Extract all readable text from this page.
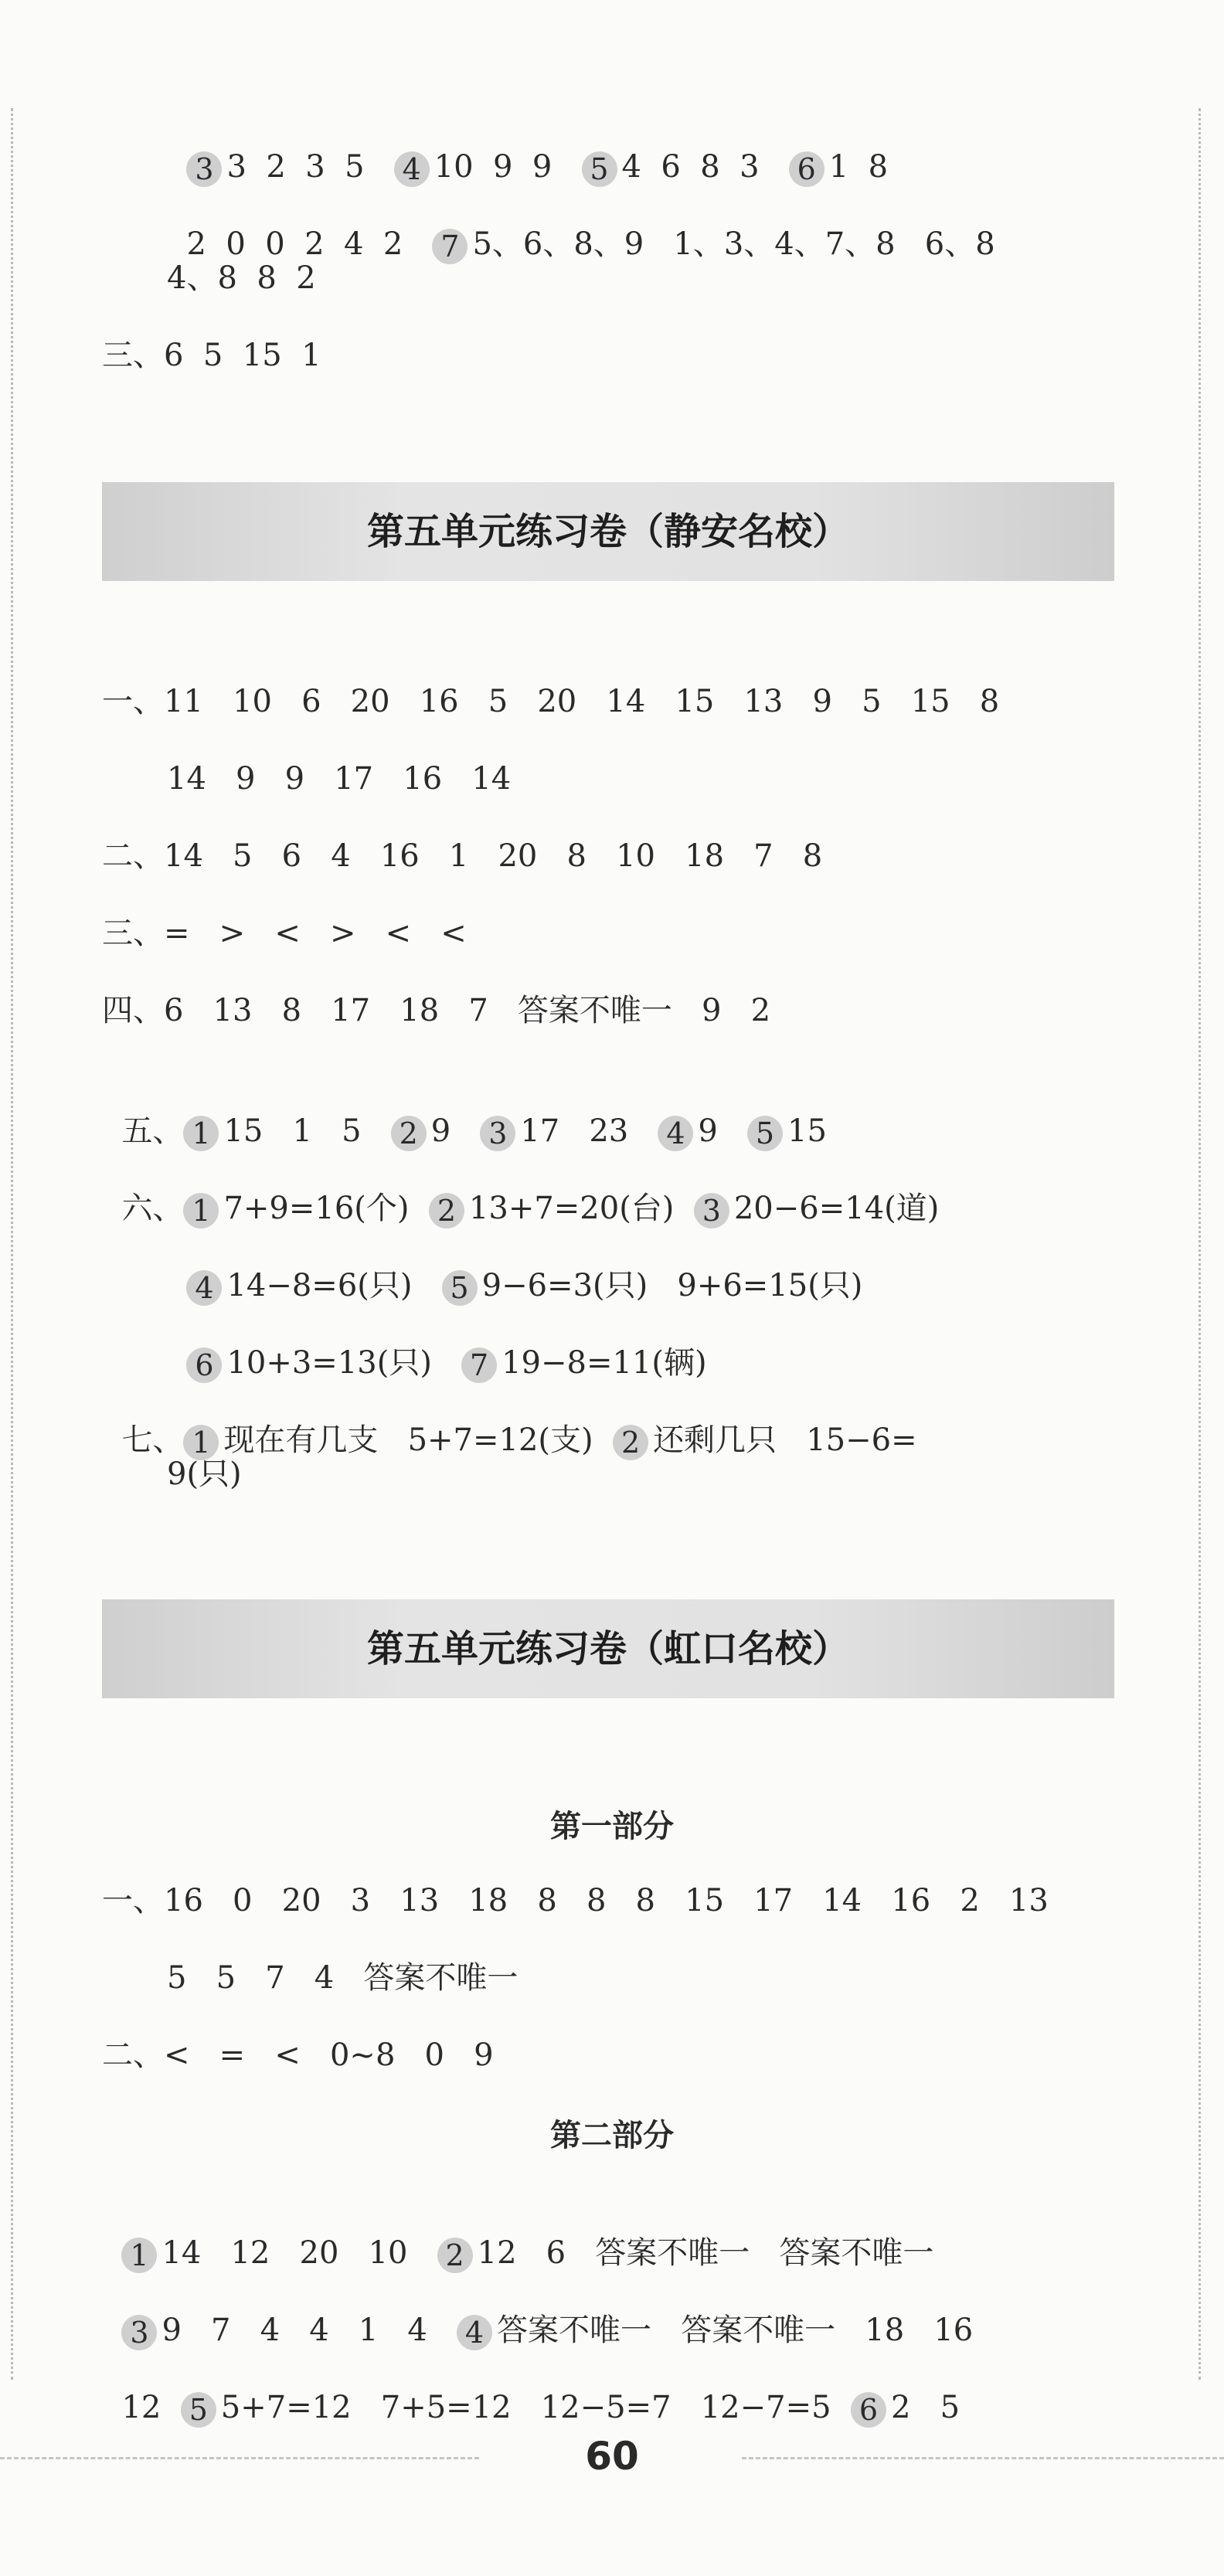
3 3  2  3  5 4 10  9  9 5 4  6  8  3 6 1  8

2  0  0  2  4  2 7 5、6、8、9   1、3、4、7、8   6、8

4、8  8  2
三、6  5  15  1
第五单元练习卷（静安名校）
一、11   10   6   20   16   5   20   14   15   13   9   5   15   8
14   9   9   17   16   14
二、14   5   6   4   16   1   20   8   10   18   7   8
三、=   >   <   >   <   <
四、6   13   8   17   18   7   答案不唯一   9   2

五、 1 15   1   5 2 9 3 17   23 4 9 5 15

六、 1 7+9=16(个) 2 13+7=20(台) 3 20−6=14(道)

4 14−8=6(只) 5 9−6=3(只)   9+6=15(只)

6 10+3=13(只) 7 19−8=11(辆)

七、 1 现在有几支   5+7=12(支) 2 还剩几只   15−6=

9(只)
第五单元练习卷（虹口名校）
第一部分
一、16   0   20   3   13   18   8   8   8   15   17   14   16   2   13
5   5   7   4   答案不唯一
二、<   =   <   0~8   0   9
第二部分

1 14   12   20   10 2 12   6   答案不唯一   答案不唯一

3 9   7   4   4   1   4 4 答案不唯一   答案不唯一   18   16

12 5 5+7=12   7+5=12   12−5=7   12−7=5 6 2   5

60
